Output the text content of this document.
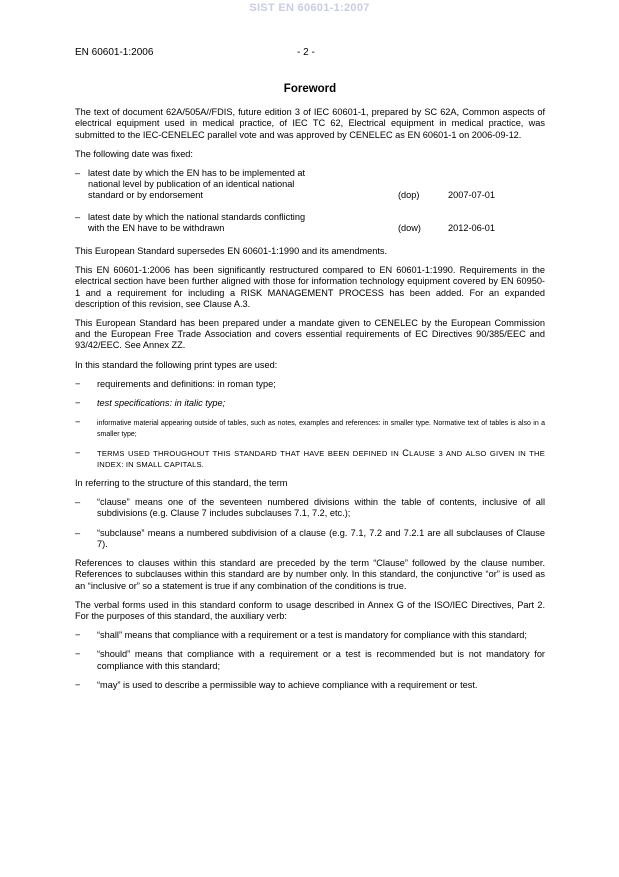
SIST EN 60601-1:2007
EN 60601-1:2006	- 2 -
Foreword

The text of document 62A/505A//FDIS, future edition 3 of IEC 60601-1, prepared by SC 62A, Common aspects of electrical equipment used in medical practice, of IEC TC 62, Electrical equipment in medical practice, was submitted to the IEC-CENELEC parallel vote and was approved by CENELEC as EN 60601-1 on 2006-09-12.

The following date was fixed:

– latest date by which the EN has to be implemented at national level by publication of an identical national standard or by endorsement	(dop)	2007-07-01
– latest date by which the national standards conflicting with the EN have to be withdrawn	(dow)	2012-06-01

This European Standard supersedes EN 60601-1:1990 and its amendments.

This EN 60601-1:2006 has been significantly restructured compared to EN 60601-1:1990. Requirements in the electrical section have been further aligned with those for information technology equipment covered by EN 60950-1 and a requirement for including a RISK MANAGEMENT PROCESS has been added. For an expanded description of this revision, see Clause A.3.

This European Standard has been prepared under a mandate given to CENELEC by the European Commission and the European Free Trade Association and covers essential requirements of EC Directives 90/385/EEC and 93/42/EEC. See Annex ZZ.

In this standard the following print types are used:

− requirements and definitions: in roman type;
− test specifications: in italic type;
− informative material appearing outside of tables, such as notes, examples and references: in smaller type. Normative text of tables is also in a smaller type;
− TERMS USED THROUGHOUT THIS STANDARD THAT HAVE BEEN DEFINED IN CLAUSE 3 AND ALSO GIVEN IN THE INDEX: IN SMALL CAPITALS.

In referring to the structure of this standard, the term

– “clause” means one of the seventeen numbered divisions within the table of contents, inclusive of all subdivisions (e.g. Clause 7 includes subclauses 7.1, 7.2, etc.);
– “subclause” means a numbered subdivision of a clause (e.g. 7.1, 7.2 and 7.2.1 are all subclauses of Clause 7).

References to clauses within this standard are preceded by the term “Clause” followed by the clause number. References to subclauses within this standard are by number only. In this standard, the conjunctive “or” is used as an “inclusive or” so a statement is true if any combination of the conditions is true.

The verbal forms used in this standard conform to usage described in Annex G of the ISO/IEC Directives, Part 2. For the purposes of this standard, the auxiliary verb:

− “shall” means that compliance with a requirement or a test is mandatory for compliance with this standard;
− “should” means that compliance with a requirement or a test is recommended but is not mandatory for compliance with this standard;
− “may” is used to describe a permissible way to achieve compliance with a requirement or test.
